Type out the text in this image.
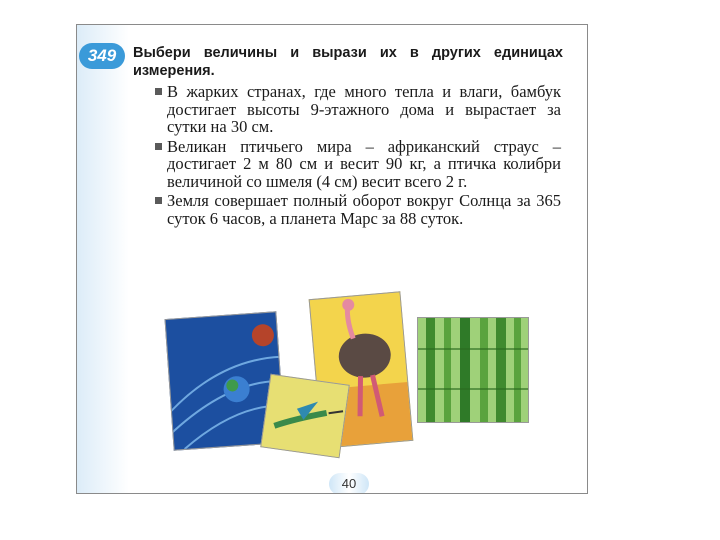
349	Выбери величины и вырази их в других единицах измерения.
В жарких странах, где много тепла и влаги, бамбук достигает высоты 9-этажного дома и вырастает за сутки на 30 см.
Великан птичьего мира – африканский страус – достигает 2 м 80 см и весит 90 кг, а птичка колибри величиной со шмеля (4 см) весит всего 2 г.
Земля совершает полный оборот вокруг Солнца за 365 суток 6 часов, а планета Марс за 88 суток.
40
